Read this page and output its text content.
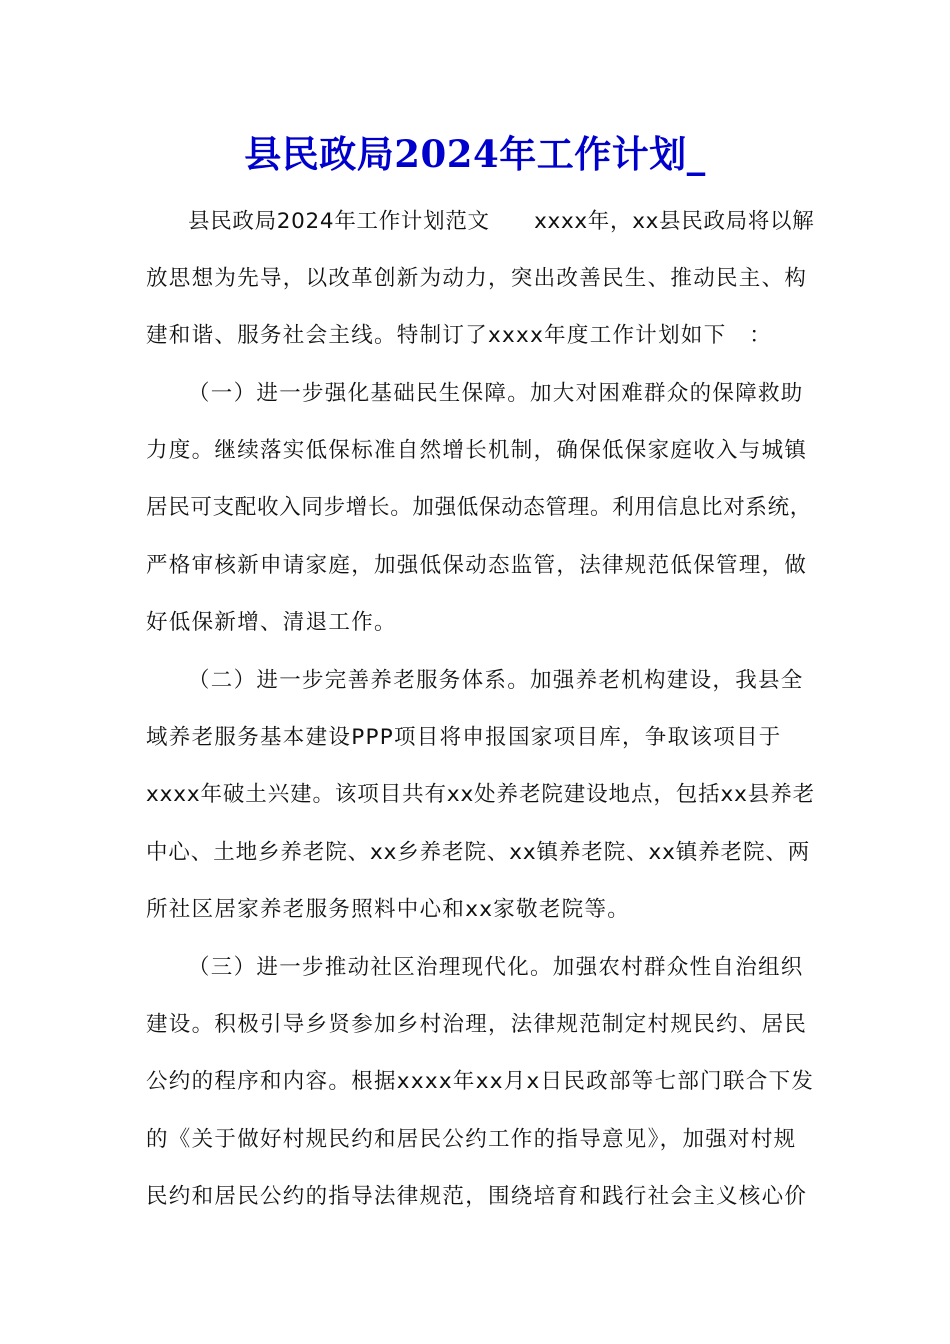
县民政局2024年工作计划_
县民政局2024年工作计划范文　　xxxx年，xx县民政局将以解
放思想为先导，以改革创新为动力，突出改善民生、推动民主、构
建和谐、服务社会主线。特制订了xxxx年度工作计划如下　：
（一）进一步强化基础民生保障。加大对困难群众的保障救助
力度。继续落实低保标准自然增长机制，确保低保家庭收入与城镇
居民可支配收入同步增长。加强低保动态管理。利用信息比对系统，
严格审核新申请家庭，加强低保动态监管，法律规范低保管理，做
好低保新增、清退工作。
（二）进一步完善养老服务体系。加强养老机构建设，我县全
域养老服务基本建设PPP项目将申报国家项目库，争取该项目于
xxxx年破土兴建。该项目共有xx处养老院建设地点，包括xx县养老
中心、土地乡养老院、xx乡养老院、xx镇养老院、xx镇养老院、两
所社区居家养老服务照料中心和xx家敬老院等。
（三）进一步推动社区治理现代化。加强农村群众性自治组织
建设。积极引导乡贤参加乡村治理，法律规范制定村规民约、居民
公约的程序和内容。根据xxxx年xx月x日民政部等七部门联合下发
的《关于做好村规民约和居民公约工作的指导意见》，加强对村规
民约和居民公约的指导法律规范，围绕培育和践行社会主义核心价
